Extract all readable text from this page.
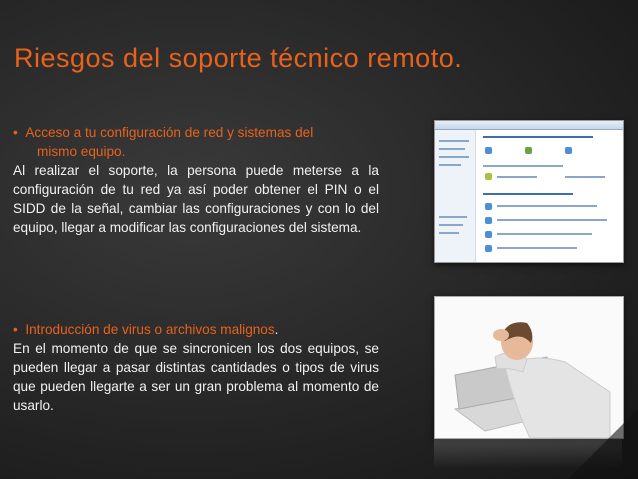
Riesgos del soporte técnico remoto.
• Acceso a tu configuración de red y sistemas del
mismo equipo.
Al realizar el soporte, la persona puede meterse a la configuración de tu red ya así poder obtener el PIN o el SIDD de la señal, cambiar las configuraciones y con lo del equipo, llegar a modificar las configuraciones del sistema.
• Introducción de virus o archivos malignos.
En el momento de que se sincronicen los dos equipos, se pueden llegar a pasar distintas cantidades o tipos de virus que pueden llegarte a ser un gran problema al momento de usarlo.
